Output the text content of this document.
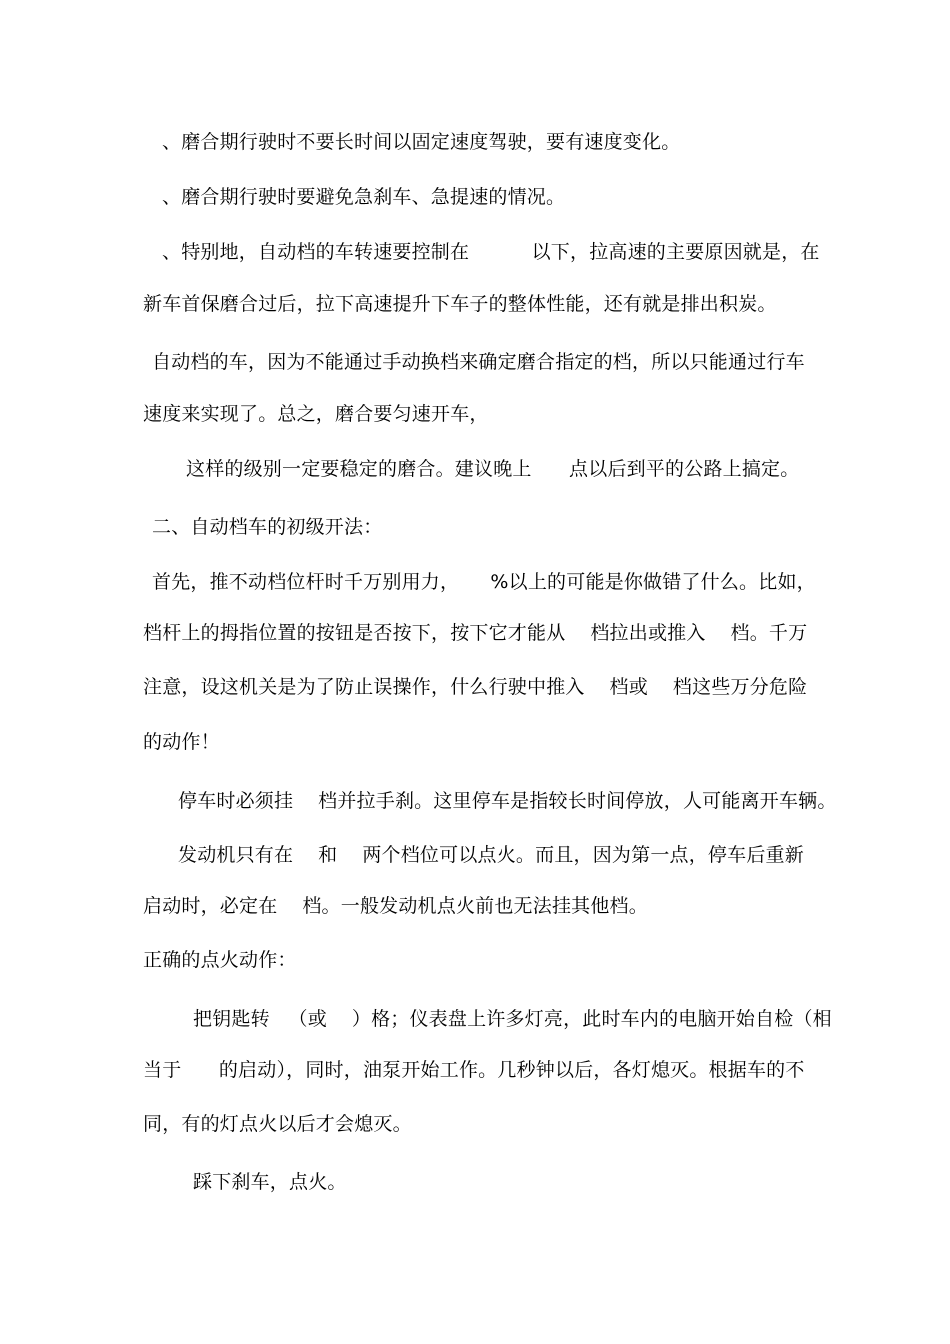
、磨合期行驶时不要长时间以固定速度驾驶，要有速度变化。
、磨合期行驶时要避免急刹车、急提速的情况。
、特别地，自动档的车转速要控制在          以下，拉高速的主要原因就是，在
新车首保磨合过后，拉下高速提升下车子的整体性能，还有就是排出积炭。
自动档的车，因为不能通过手动换档来确定磨合指定的档，所以只能通过行车
速度来实现了。总之，磨合要匀速开车，
这样的级别一定要稳定的磨合。建议晚上      点以后到平的公路上搞定。
二、自动档车的初级开法：
首先，推不动档位杆时千万别用力，     %以上的可能是你做错了什么。比如，
档杆上的拇指位置的按钮是否按下，按下它才能从    档拉出或推入    档。千万
注意，设这机关是为了防止误操作，什么行驶中推入    档或    档这些万分危险
的动作！
停车时必须挂    档并拉手刹。这里停车是指较长时间停放，人可能离开车辆。
发动机只有在    和    两个档位可以点火。而且，因为第一点，停车后重新
启动时，必定在    档。一般发动机点火前也无法挂其他档。
正确的点火动作：
把钥匙转   （或    ）格；仪表盘上许多灯亮，此时车内的电脑开始自检（相
当于      的启动），同时，油泵开始工作。几秒钟以后，各灯熄灭。根据车的不
同，有的灯点火以后才会熄灭。
踩下刹车，点火。
